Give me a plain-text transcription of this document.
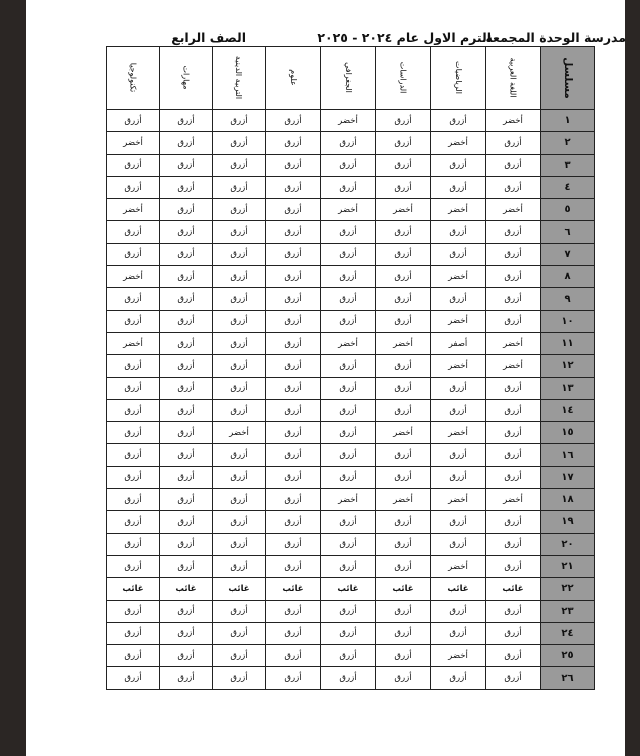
مدرسة الوحدة المجمعة
الترم الاول عام ٢٠٢٤ - ٢٠٢٥
الصف الرابع
مسلسل	اللغة العربية	الرياضيات	الدراسات	الجغرافي	علوم	التربية الدينية	مهارات	تكنولوجيا
١	أخضر	أزرق	أزرق	أخضر	أزرق	أزرق	أزرق	أزرق
٢	أزرق	أخضر	أزرق	أزرق	أزرق	أزرق	أزرق	أخضر
٣	أزرق	أزرق	أزرق	أزرق	أزرق	أزرق	أزرق	أزرق
٤	أزرق	أزرق	أزرق	أزرق	أزرق	أزرق	أزرق	أزرق
٥	أخضر	أخضر	أخضر	أخضر	أزرق	أزرق	أزرق	أخضر
٦	أزرق	أزرق	أزرق	أزرق	أزرق	أزرق	أزرق	أزرق
٧	أزرق	أزرق	أزرق	أزرق	أزرق	أزرق	أزرق	أزرق
٨	أزرق	أخضر	أزرق	أزرق	أزرق	أزرق	أزرق	أخضر
٩	أزرق	أزرق	أزرق	أزرق	أزرق	أزرق	أزرق	أزرق
١٠	أزرق	أخضر	أزرق	أزرق	أزرق	أزرق	أزرق	أزرق
١١	أخضر	أصفر	أخضر	أخضر	أزرق	أزرق	أزرق	أخضر
١٢	أخضر	أخضر	أزرق	أزرق	أزرق	أزرق	أزرق	أزرق
١٣	أزرق	أزرق	أزرق	أزرق	أزرق	أزرق	أزرق	أزرق
١٤	أزرق	أزرق	أزرق	أزرق	أزرق	أزرق	أزرق	أزرق
١٥	أزرق	أخضر	أخضر	أزرق	أزرق	أخضر	أزرق	أزرق
١٦	أزرق	أزرق	أزرق	أزرق	أزرق	أزرق	أزرق	أزرق
١٧	أزرق	أزرق	أزرق	أزرق	أزرق	أزرق	أزرق	أزرق
١٨	أخضر	أخضر	أخضر	أخضر	أزرق	أزرق	أزرق	أزرق
١٩	أزرق	أزرق	أزرق	أزرق	أزرق	أزرق	أزرق	أزرق
٢٠	أزرق	أزرق	أزرق	أزرق	أزرق	أزرق	أزرق	أزرق
٢١	أزرق	أخضر	أزرق	أزرق	أزرق	أزرق	أزرق	أزرق
٢٢	غائب	غائب	غائب	غائب	غائب	غائب	غائب	غائب
٢٣	أزرق	أزرق	أزرق	أزرق	أزرق	أزرق	أزرق	أزرق
٢٤	أزرق	أزرق	أزرق	أزرق	أزرق	أزرق	أزرق	أزرق
٢٥	أزرق	أخضر	أزرق	أزرق	أزرق	أزرق	أزرق	أزرق
٢٦	أزرق	أزرق	أزرق	أزرق	أزرق	أزرق	أزرق	أزرق
